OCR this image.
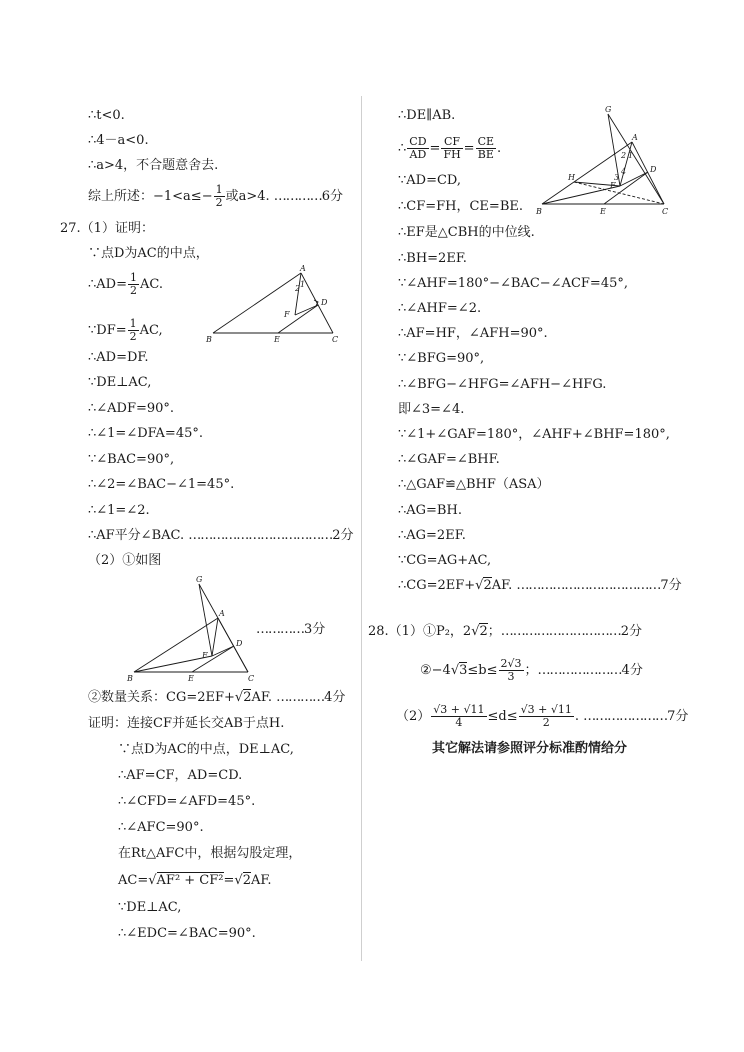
∴t<0.
∴4－a<0.
∴a>4，不合题意舍去.
综上所述：$-1<a\le- \frac{1}{2}$ 或a>4. …………6分
27.（1）证明：
∵点D为AC的中点，
∴AD= $\frac{1}{2}$ AC.
∵DF= $\frac{1}{2}$ AC,
∴AD=DF.
∵DE⊥AC,
∴∠ADF=90°.
∴∠1=∠DFA=45°.
∵∠BAC=90°,
∴∠2=∠BAC−∠1=45°.
∴∠1=∠2.
∴AF平分∠BAC. ………………………………2分
（2）①如图
A
B	C
D
E
F
1
2
G
A
B	C
D
E
F
…………3分
②数量关系：CG=2EF+√2AF. …………4分
证明：连接CF并延长交AB于点H.
∵点D为AC的中点，DE⊥AC,
∴AF=CF，AD=CD.
∴∠CFD=∠AFD=45°.
∴∠AFC=90°.
在Rt△AFC中，根据勾股定理，
AC=√AF² + CF²=√2AF.
∵DE⊥AC,
∴∠EDC=∠BAC=90°.
∴DE∥AB.
∴ $\frac{CD}{AD} = \frac{CF}{FH} = \frac{CE}{BE}$ .
∵AD=CD,
∴CF=FH，CE=BE.
∴EF是△CBH的中位线.
∴BH=2EF.
∵∠AHF=180°−∠BAC−∠ACF=45°,
∴∠AHF=∠2.
∴AF=HF，∠AFH=90°.
∵∠BFG=90°,
∴∠BFG−∠HFG=∠AFH−∠HFG.
即∠3=∠4.
∵∠1+∠GAF=180°，∠AHF+∠BHF=180°,
∴∠GAF=∠BHF.
∴△GAF≌△BHF（ASA）
∴AG=BH.
∴AG=2EF.
∵CG=AG+AC,
∴CG=2EF+√2AF. ………………………………7分
G
A
B	C
D
E
F
H
1
2
3
4
28.（1）①P₂，2√2；…………………………2分
②−4√3≤b≤ $\frac{2√3}{3}$ ；…………………4分
$(2) \frac{√3 + √11}{4} \le d\le \frac{√3 + √11}{2}$ . …………………7分
其它解法请参照评分标准酌情给分
